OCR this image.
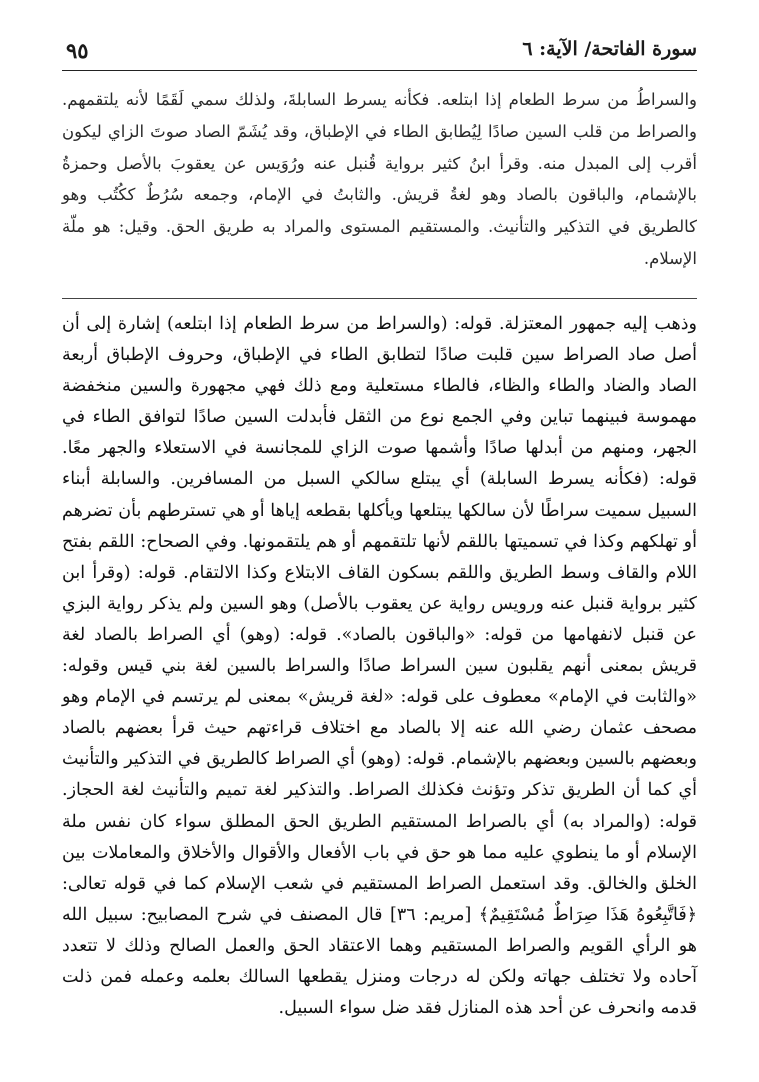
سورة الفاتحة/ الآية: ٦
٩٥

والسراطُ من سرط الطعام إذا ابتلعه. فكأنه يسرط السابلةَ، ولذلك سمي لَقَمًا لأنه يلتقمهم. والصراط من قلب السين صادًا لِيُطابق الطاء في الإطباق، وقد يُشَمّ الصاد صوتَ الزاي ليكون أقرب إلى المبدل منه. وقرأ ابنُ كثير برواية قُنبل عنه ورُوَيس عن يعقوبَ بالأصل وحمزةُ بالإشمام، والباقون بالصاد وهو لغةُ قريش. والثابتُ في الإمام، وجمعه سُرُطٌ ككُتُب وهو كالطريق في التذكير والتأنيث. والمستقيم المستوى والمراد به طريق الحق. وقيل: هو ملّة الإسلام.

وذهب إليه جمهور المعتزلة. قوله: (والسراط من سرط الطعام إذا ابتلعه) إشارة إلى أن أصل صاد الصراط سين قلبت صادًا لتطابق الطاء في الإطباق، وحروف الإطباق أربعة الصاد والضاد والطاء والظاء، فالطاء مستعلية ومع ذلك فهي مجهورة والسين منخفضة مهموسة فبينهما تباين وفي الجمع نوع من الثقل فأبدلت السين صادًا لتوافق الطاء في الجهر، ومنهم من أبدلها صادًا وأشمها صوت الزاي للمجانسة في الاستعلاء والجهر معًا. قوله: (فكأنه يسرط السابلة) أي يبتلع سالكي السبل من المسافرين. والسابلة أبناء السبيل سميت سراطًا لأن سالكها يبتلعها ويأكلها بقطعه إياها أو هي تسترطهم بأن تضرهم أو تهلكهم وكذا في تسميتها باللقم لأنها تلتقمهم أو هم يلتقمونها. وفي الصحاح: اللقم بفتح اللام والقاف وسط الطريق واللقم بسكون القاف الابتلاع وكذا الالتقام. قوله: (وقرأ ابن كثير برواية قنبل عنه ورويس رواية عن يعقوب بالأصل) وهو السين ولم يذكر رواية البزي عن قنبل لانفهامها من قوله: «والباقون بالصاد». قوله: (وهو) أي الصراط بالصاد لغة قريش بمعنى أنهم يقلبون سين السراط صادًا والسراط بالسين لغة بني قيس وقوله: «والثابت في الإمام» معطوف على قوله: «لغة قريش» بمعنى لم يرتسم في الإمام وهو مصحف عثمان رضي الله عنه إلا بالصاد مع اختلاف قراءتهم حيث قرأ بعضهم بالصاد وبعضهم بالسين وبعضهم بالإشمام. قوله: (وهو) أي الصراط كالطريق في التذكير والتأنيث أي كما أن الطريق تذكر وتؤنث فكذلك الصراط. والتذكير لغة تميم والتأنيث لغة الحجاز. قوله: (والمراد به) أي بالصراط المستقيم الطريق الحق المطلق سواء كان نفس ملة الإسلام أو ما ينطوي عليه مما هو حق في باب الأفعال والأقوال والأخلاق والمعاملات بين الخلق والخالق. وقد استعمل الصراط المستقيم في شعب الإسلام كما في قوله تعالى: ﴿فَاتَّبِعُوهُ هَذَا صِرَاطٌ مُسْتَقِيمٌ﴾ [مريم: ٣٦] قال المصنف في شرح المصابيح: سبيل الله هو الرأي القويم والصراط المستقيم وهما الاعتقاد الحق والعمل الصالح وذلك لا تتعدد آحاده ولا تختلف جهاته ولكن له درجات ومنزل يقطعها السالك بعلمه وعمله فمن ذلت قدمه وانحرف عن أحد هذه المنازل فقد ضل سواء السبيل.
